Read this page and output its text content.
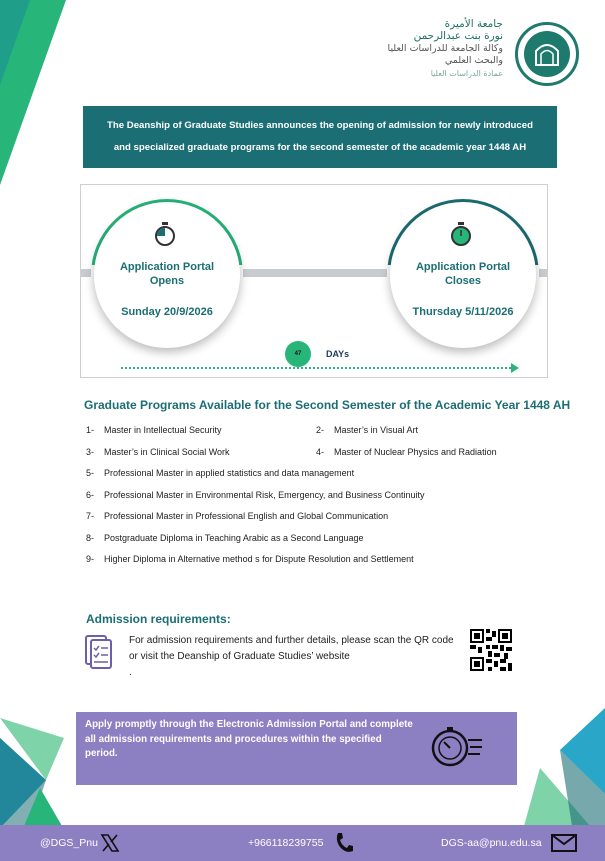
جامعة الأميرة
نورة بنت عبدالرحمن
وكالة الجامعة للدراسات العليا
والبحث العلمي
عمادة الدراسات العليا
The Deanship of Graduate Studies announces the opening of admission for newly introduced
and specialized graduate programs for the second semester of the academic year 1448 AH
Application Portal
Opens
Sunday 20/9/2026
Application Portal
Closes
Thursday 5/11/2026
47	DAYs
Graduate Programs Available for the Second Semester of the Academic Year 1448 AH
1- Master in Intellectual Security	2- Master’s in Visual Art
3- Master’s in Clinical Social Work	4- Master of Nuclear Physics and Radiation
5- Professional Master in applied statistics and data management
6- Professional Master in Environmental Risk, Emergency, and Business Continuity
7- Professional Master in Professional English and Global Communication
8- Postgraduate Diploma in Teaching Arabic as a Second Language
9- Higher Diploma in Alternative method s for Dispute Resolution and Settlement
Admission requirements:
For admission requirements and further details, please scan the QR code or visit the Deanship of Graduate Studies’ website
.
Apply promptly through the Electronic Admission Portal and complete all admission requirements and procedures within the specified period.
@DGS_Pnu	+966118239755	DGS-aa@pnu.edu.sa
